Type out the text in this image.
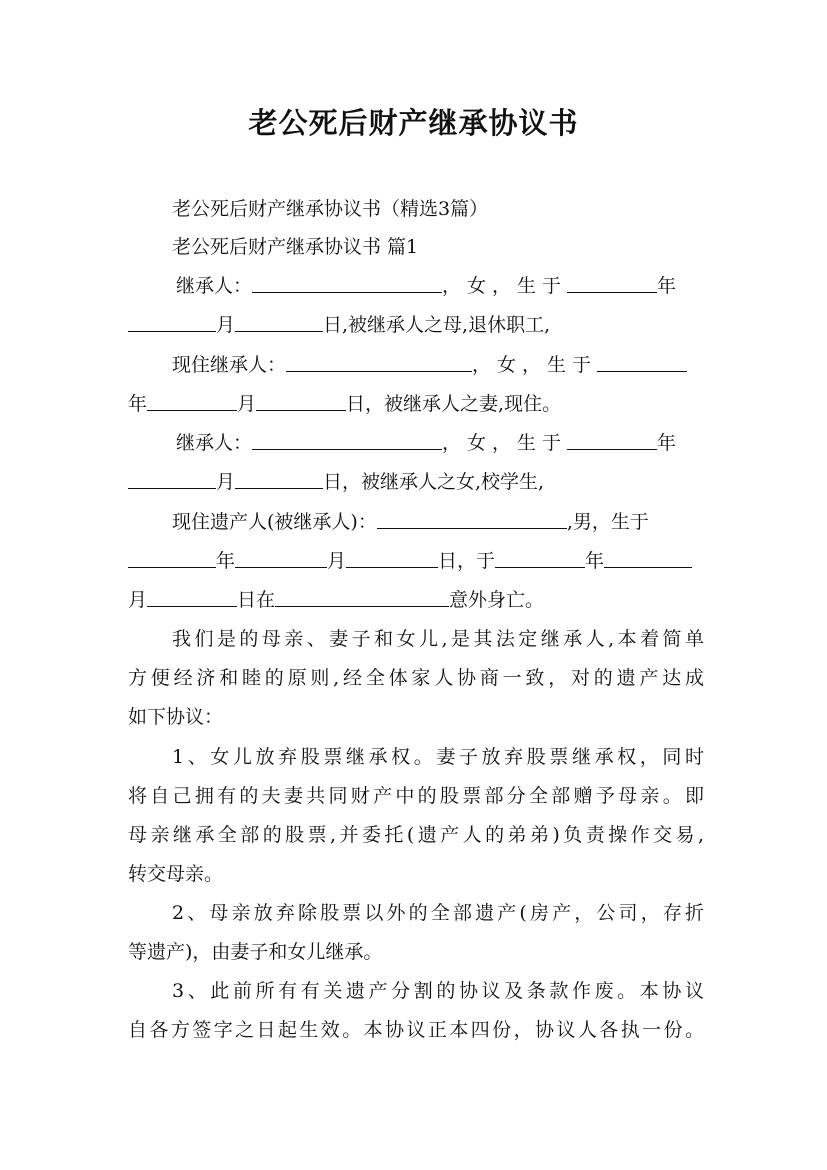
老公死后财产继承协议书
老公死后财产继承协议书（精选3篇）
老公死后财产继承协议书 篇1
继承人：	，女，生于	年
月	日,被继承人之母,退休职工,
现住继承人：	，女，生于
年	月	日，被继承人之妻,现住。
继承人：	，女，生于	年
月	日，被继承人之女,校学生,
现住遗产人(被继承人)：	,男，生于
年	月	日，于	年
月	日在	意外身亡。
我们是的母亲、妻子和女儿,是其法定继承人,本着简单
方便经济和睦的原则,经全体家人协商一致，对的遗产达成
如下协议：
1、女儿放弃股票继承权。妻子放弃股票继承权，同时
将自己拥有的夫妻共同财产中的股票部分全部赠予母亲。即
母亲继承全部的股票,并委托(遗产人的弟弟)负责操作交易,
转交母亲。
2、母亲放弃除股票以外的全部遗产(房产，公司，存折
等遗产)，由妻子和女儿继承。
3、此前所有有关遗产分割的协议及条款作废。本协议
自各方签字之日起生效。本协议正本四份，协议人各执一份。
